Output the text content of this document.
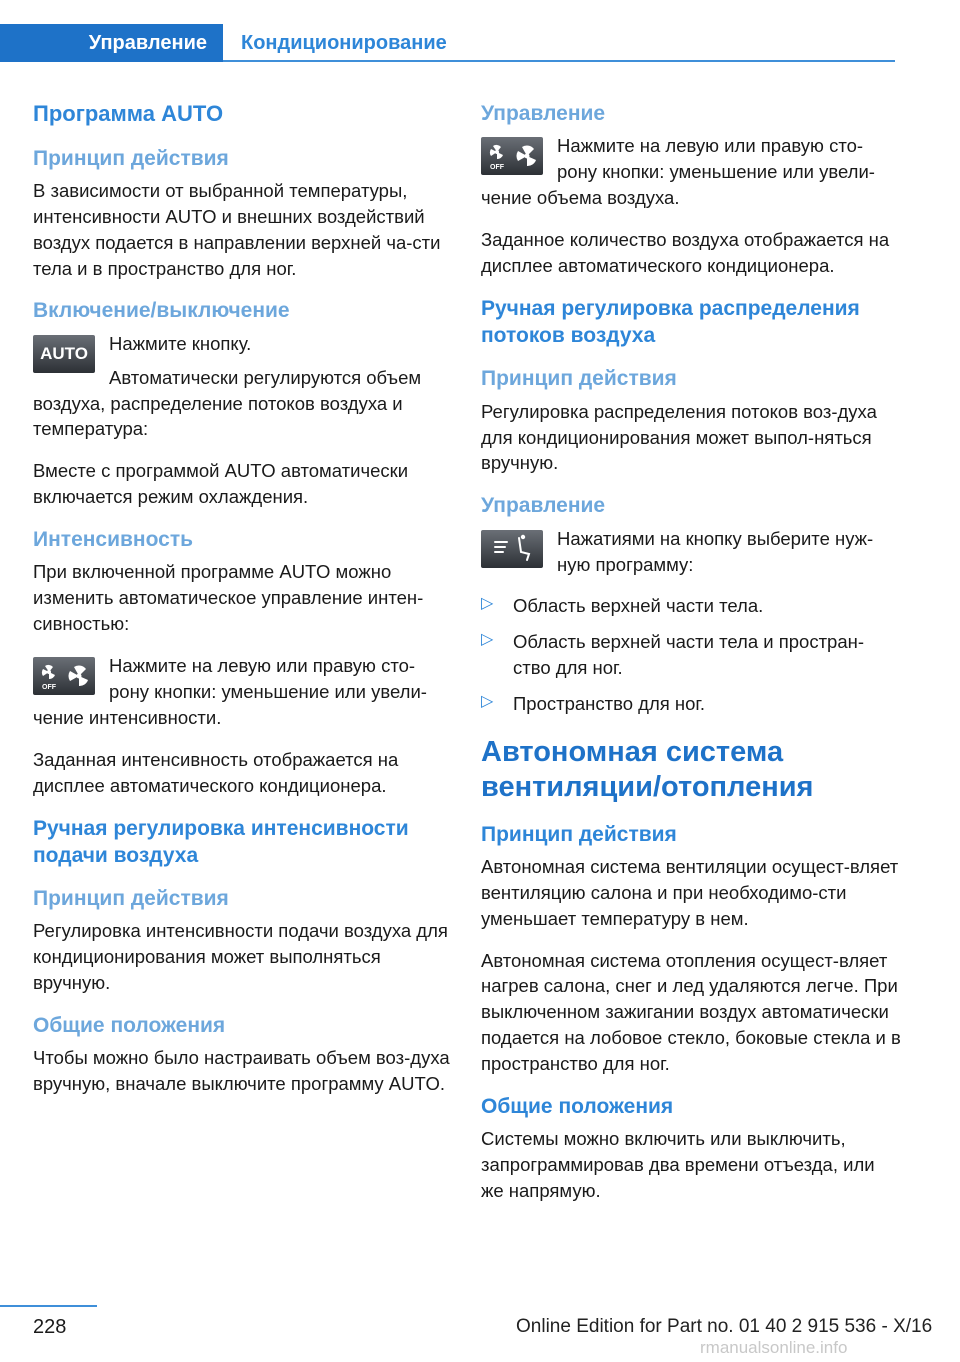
Управление	Кондиционирование
Программа AUTO
Принцип действия

В зависимости от выбранной температуры, интенсивности AUTO и внешних воздействий воздух подается в направлении верхней ча-сти тела и в пространство для ног.

Включение/выключение
AUTO	Нажмите кнопку.

Автоматически регулируются объем воздуха, распределение потоков воздуха и температура:

Вместе с программой AUTO автоматически включается режим охлаждения.

Интенсивность

При включенной программе AUTO можно изменить автоматическое управление интен-сивностью:

OFF

Нажмите на левую или правую сто-рону кнопки: уменьшение или увели-чение интенсивности.

Заданная интенсивность отображается на дисплее автоматического кондиционера.

Ручная регулировка интенсивности подачи воздуха
Принцип действия

Регулировка интенсивности подачи воздуха для кондиционирования может выполняться вручную.

Общие положения

Чтобы можно было настраивать объем воз-духа вручную, вначале выключите программу AUTO.

Управление
OFF

Нажмите на левую или правую сто-рону кнопки: уменьшение или увели-чение объема воздуха.

Заданное количество воздуха отображается на дисплее автоматического кондиционера.

Ручная регулировка распределения потоков воздуха
Принцип действия

Регулировка распределения потоков воз-духа для кондиционирования может выпол-няться вручную.

Управление

Нажатиями на кнопку выберите нуж-ную программу:

▷ Область верхней части тела.
▷ Область верхней части тела и простран-ство для ног.
▷ Пространство для ног.
Автономная система вентиляции/отопления
Принцип действия

Автономная система вентиляции осущест-вляет вентиляцию салона и при необходимо-сти уменьшает температуру в нем.

Автономная система отопления осущест-вляет нагрев салона, снег и лед удаляются легче. При выключенном зажигании воздух автоматически подается на лобовое стекло, боковые стекла и в пространство для ног.

Общие положения

Системы можно включить или выключить, запрограммировав два времени отъезда, или же напрямую.

228	Online Edition for Part no. 01 40 2 915 536 - X/16
rmanualsonline.info
